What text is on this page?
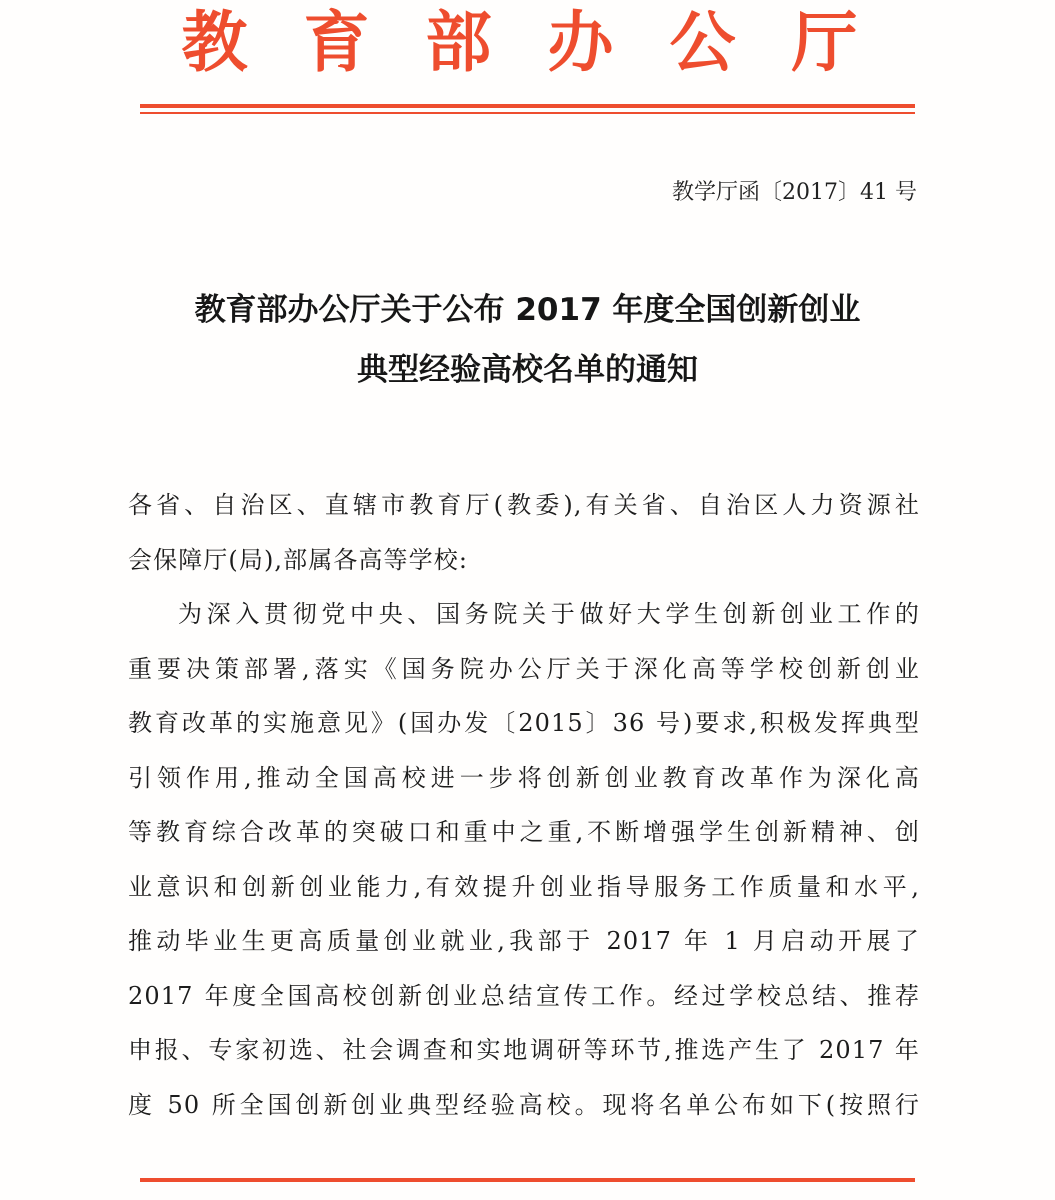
教育部办公厅
教学厅函〔2017〕41 号
教育部办公厅关于公布 2017 年度全国创新创业
典型经验高校名单的通知
各省、自治区、直辖市教育厅(教委),有关省、自治区人力资源社
会保障厅(局),部属各高等学校:
为深入贯彻党中央、国务院关于做好大学生创新创业工作的
重要决策部署,落实《国务院办公厅关于深化高等学校创新创业
教育改革的实施意见》(国办发〔2015〕36 号)要求,积极发挥典型
引领作用,推动全国高校进一步将创新创业教育改革作为深化高
等教育综合改革的突破口和重中之重,不断增强学生创新精神、创
业意识和创新创业能力,有效提升创业指导服务工作质量和水平,
推动毕业生更高质量创业就业,我部于 2017 年 1 月启动开展了
2017 年度全国高校创新创业总结宣传工作。经过学校总结、推荐
申报、专家初选、社会调查和实地调研等环节,推选产生了 2017 年
度 50 所全国创新创业典型经验高校。现将名单公布如下(按照行
